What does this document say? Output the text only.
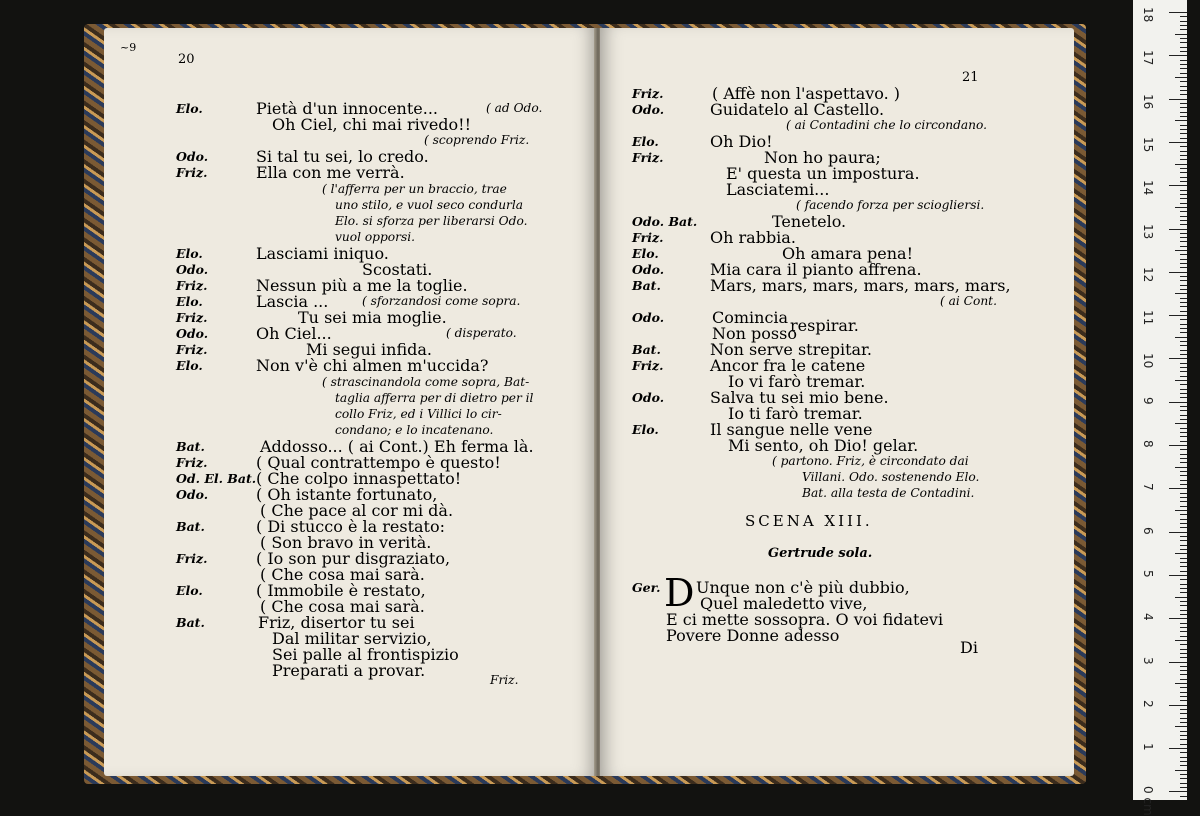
20
~9
Elo.	Pietà d'un innocente...	( ad Odo.
Oh Ciel, chi mai rivedo!!
( scoprendo Friz.
Odo.	Si tal tu sei, lo credo.
Friz.	Ella con me verrà.
( l'afferra per un braccio, trae
uno stilo, e vuol seco condurla
Elo. si sforza per liberarsi Odo.
vuol opporsi.
Elo.	Lasciami iniquo.
Odo.	Scostati.
Friz.	Nessun più a me la toglie.
Elo.	Lascia ...	( sforzandosi come sopra.
Friz.	Tu sei mia moglie.
Odo.	Oh Ciel...	( disperato.
Friz.	Mi segui infida.
Elo.	Non v'è chi almen m'uccida?
( strascinandola come sopra, Bat-
taglia afferra per di dietro per il
collo Friz, ed i Villici lo cir-
condano; e lo incatenano.
Bat.	Addosso... ( ai Cont.) Eh ferma là.
Friz.	( Qual contrattempo è questo!
Od. El. Bat. ( Che colpo innaspettato!
Odo.	( Oh istante fortunato,
( Che pace al cor mi dà.
Bat.	( Di stucco è la restato:
( Son bravo in verità.
Friz.	( Io son pur disgraziato,
( Che cosa mai sarà.
Elo.	( Immobile è restato,
( Che cosa mai sarà.
Bat.	Friz, disertor tu sei
Dal militar servizio,
Sei palle al frontispizio
Preparati a provar.	Friz.
21
Friz.	( Affè non l'aspettavo. )
Odo.	Guidatelo al Castello.
( ai Contadini che lo circondano.
Elo.	Oh Dio!
Friz.	Non ho paura;
E' questa un impostura.
Lasciatemi...
( facendo forza per sciogliersi.
Odo. Bat.	Tenetelo.
Friz.	Oh rabbia.
Elo.	Oh amara pena!
Odo.	Mia cara il pianto affrena.
Bat.	Mars, mars, mars, mars, mars, mars,
( ai Cont.
Odo.	Comincia respirar.
Non posso
Bat.	Non serve strepitar.
Friz.	Ancor fra le catene
Io vi farò tremar.
Odo.	Salva tu sei mio bene.
Io ti farò tremar.
Elo.	Il sangue nelle vene
Mi sento, oh Dio! gelar.
( partono. Friz, è circondato dai
Villani. Odo. sostenendo Elo.
Bat. alla testa de Contadini.
SCENA XIII.
Gertrude sola.
Ger. D Unque non c'è più dubbio,
Quel maledetto vive,
E ci mette sossopra. O voi fidatevi
Povere Donne adesso
Di
18
17
16
15
14
13
12
11
10
9
8
7
6
5
4
3
2
1
0 cm
